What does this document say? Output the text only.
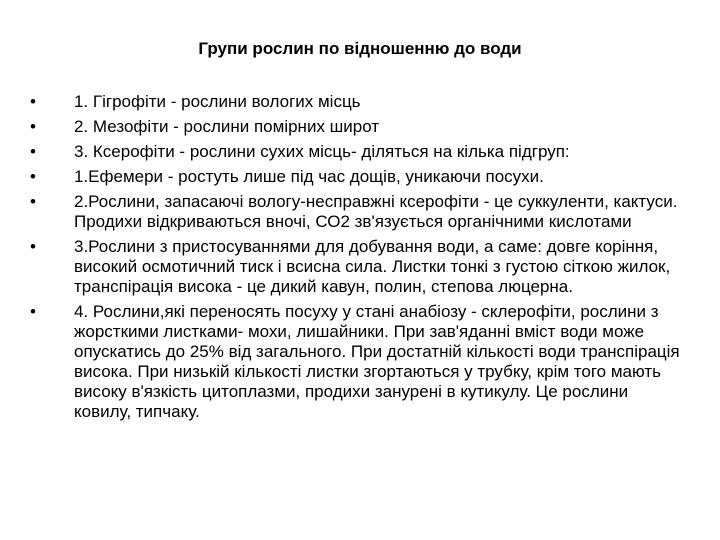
Групи рослин по відношенню до води
•	1. Гігрофіти - рослини вологих місць
•	2. Мезофіти - рослини помірних широт
•	3. Ксерофіти - рослини сухих місць- діляться на кілька підгруп:
•	1.Ефемери - ростуть лише під час дощів, уникаючи посухи.
•	2.Рослини, запасаючі вологу-несправжні ксерофіти - це суккуленти, кактуси. Продихи відкриваються вночі, СО2 зв'язується органічними кислотами
•	3.Рослини з пристосуваннями для добування води, а саме: довге коріння, високий осмотичний тиск і всисна сила. Листки тонкі з густою сіткою жилок, транспірація висока - це дикий кавун, полин, степова люцерна.
•	4. Рослини,які переносять посуху у стані анабіозу - склерофіти, рослини з жорсткими листками- мохи, лишайники. При зав'яданні вміст води може опускатись до 25% від загального. При достатній кількості води транспірація висока. При низькій кількості листки згортаються у трубку, крім того мають високу в'язкість цитоплазми, продихи занурені в кутикулу. Це рослини ковилу, типчаку.
